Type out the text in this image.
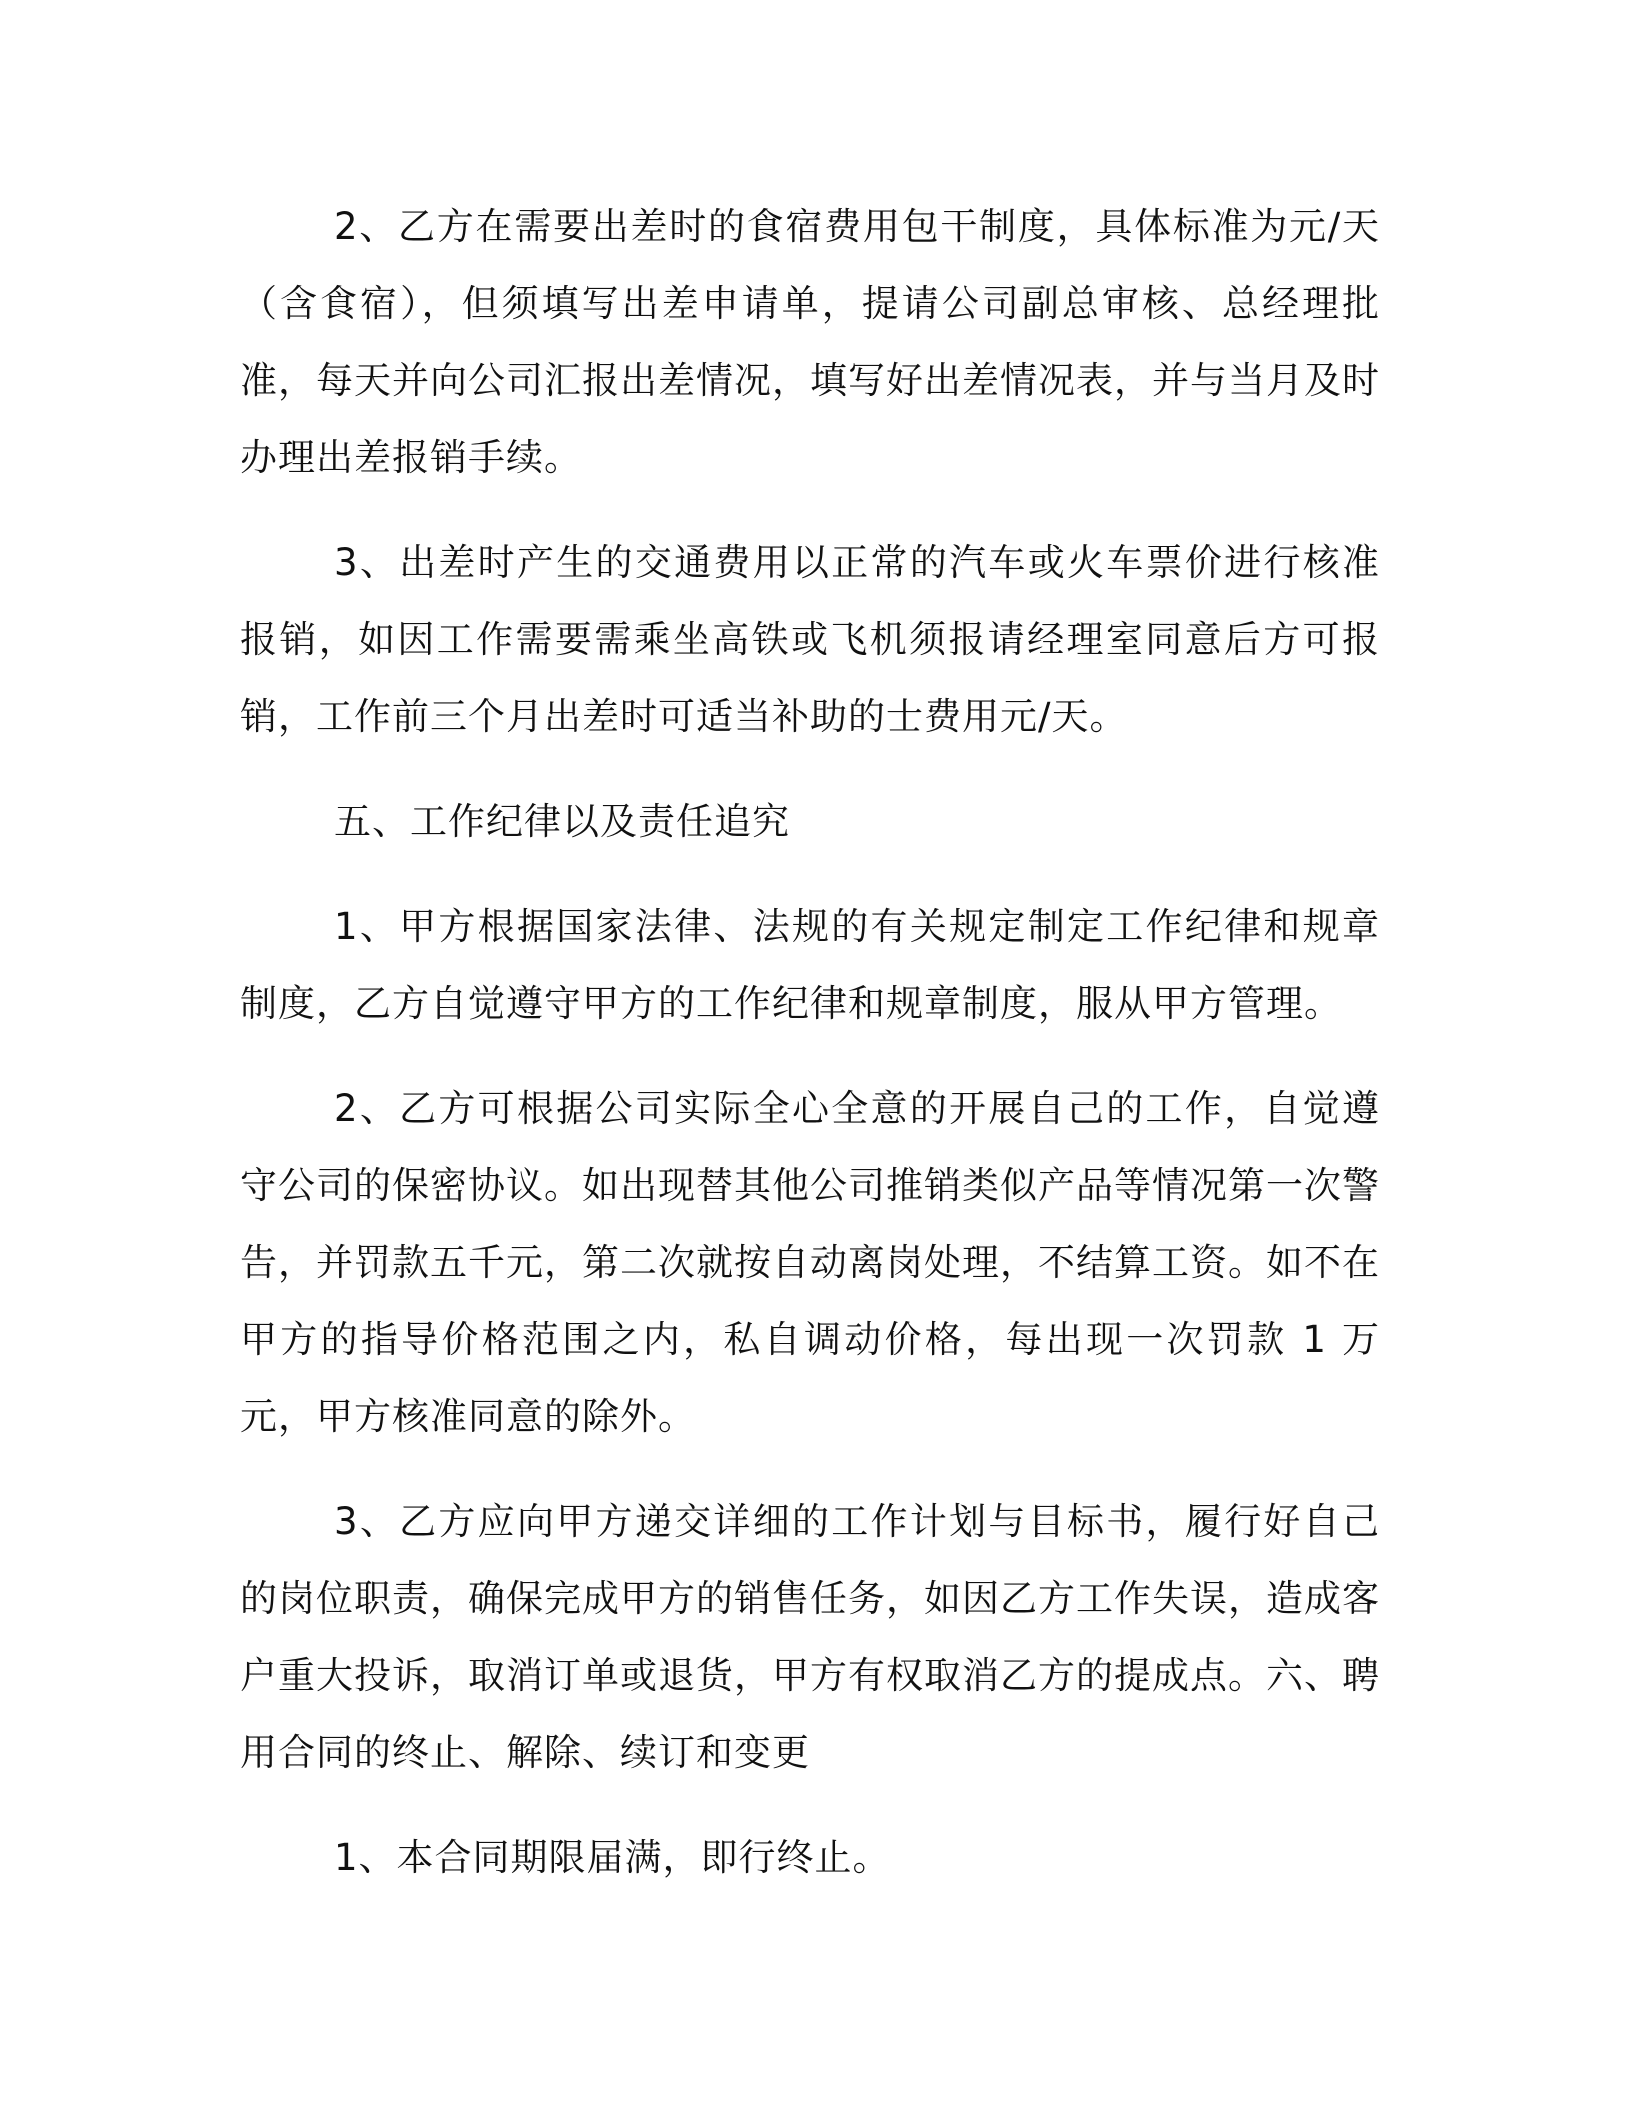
2、乙方在需要出差时的食宿费用包干制度，具体标准为元/天（含食宿），但须填写出差申请单，提请公司副总审核、总经理批准，每天并向公司汇报出差情况，填写好出差情况表，并与当月及时办理出差报销手续。

3、出差时产生的交通费用以正常的汽车或火车票价进行核准报销，如因工作需要需乘坐高铁或飞机须报请经理室同意后方可报销，工作前三个月出差时可适当补助的士费用元/天。

五、工作纪律以及责任追究

1、甲方根据国家法律、法规的有关规定制定工作纪律和规章制度，乙方自觉遵守甲方的工作纪律和规章制度，服从甲方管理。

2、乙方可根据公司实际全心全意的开展自己的工作，自觉遵守公司的保密协议。如出现替其他公司推销类似产品等情况第一次警告，并罚款五千元，第二次就按自动离岗处理，不结算工资。如不在甲方的指导价格范围之内，私自调动价格，每出现一次罚款 1 万元，甲方核准同意的除外。

3、乙方应向甲方递交详细的工作计划与目标书，履行好自己的岗位职责，确保完成甲方的销售任务，如因乙方工作失误，造成客户重大投诉，取消订单或退货，甲方有权取消乙方的提成点。六、聘用合同的终止、解除、续订和变更

1、本合同期限届满，即行终止。
